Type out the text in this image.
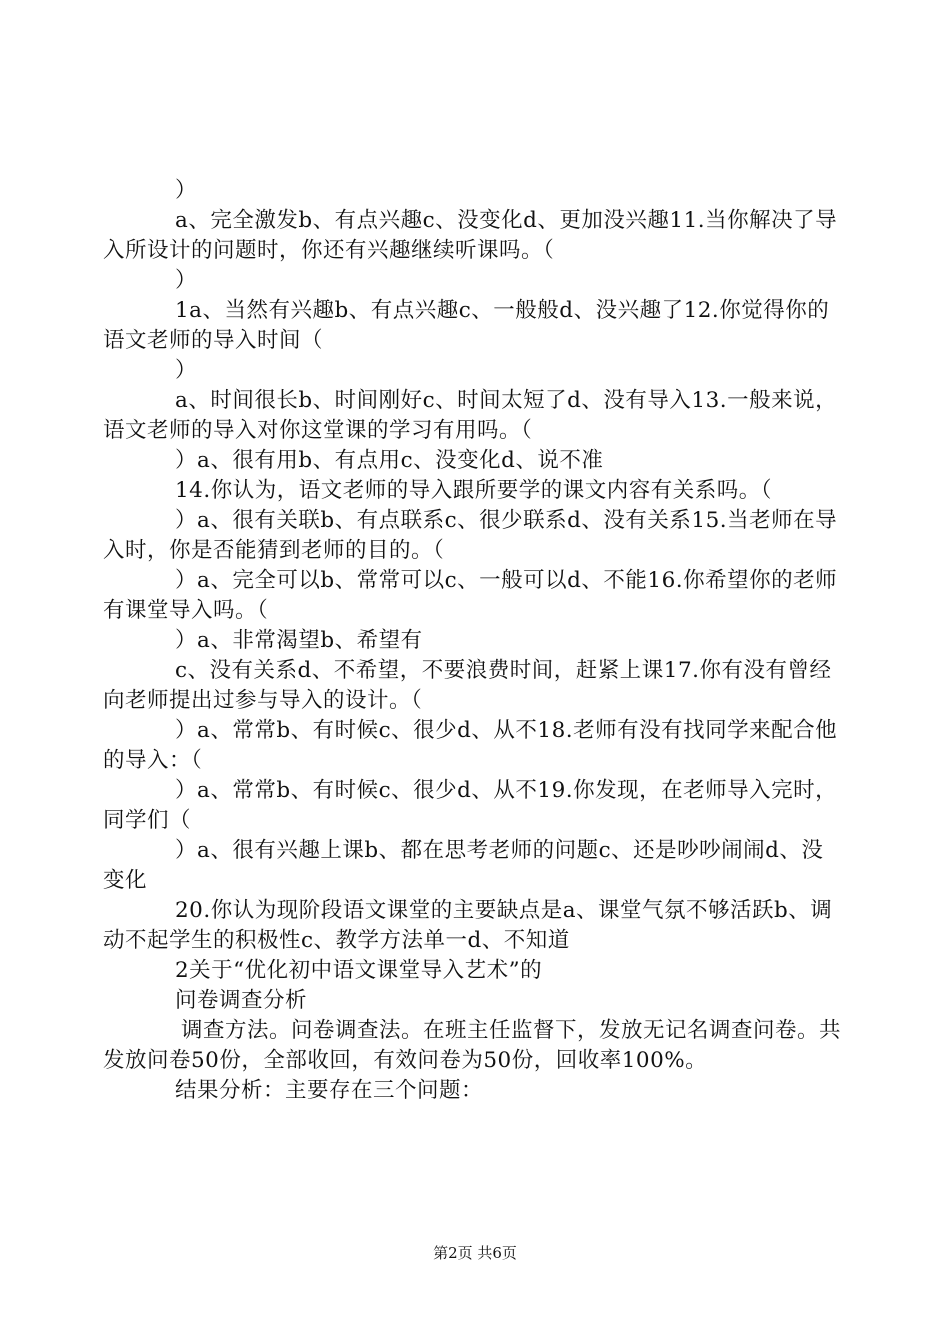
）

a、完全激发b、有点兴趣c、没变化d、更加没兴趣11.当你解决了导入所设计的问题时，你还有兴趣继续听课吗。（

）

1a、当然有兴趣b、有点兴趣c、一般般d、没兴趣了12.你觉得你的语文老师的导入时间（

）

a、时间很长b、时间刚好c、时间太短了d、没有导入13.一般来说，语文老师的导入对你这堂课的学习有用吗。（

）a、很有用b、有点用c、没变化d、说不准

14.你认为，语文老师的导入跟所要学的课文内容有关系吗。（

）a、很有关联b、有点联系c、很少联系d、没有关系15.当老师在导入时，你是否能猜到老师的目的。（

）a、完全可以b、常常可以c、一般可以d、不能16.你希望你的老师有课堂导入吗。（

）a、非常渴望b、希望有

c、没有关系d、不希望，不要浪费时间，赶紧上课17.你有没有曾经向老师提出过参与导入的设计。（

）a、常常b、有时候c、很少d、从不18.老师有没有找同学来配合他的导入：（

）a、常常b、有时候c、很少d、从不19.你发现，在老师导入完时，同学们（

）a、很有兴趣上课b、都在思考老师的问题c、还是吵吵闹闹d、没变化

20.你认为现阶段语文课堂的主要缺点是a、课堂气氛不够活跃b、调动不起学生的积极性c、教学方法单一d、不知道

2关于“优化初中语文课堂导入艺术”的

问卷调查分析

调查方法。问卷调查法。在班主任监督下，发放无记名调查问卷。共发放问卷50份，全部收回，有效问卷为50份，回收率100%。

结果分析：主要存在三个问题：

第2页 共6页
